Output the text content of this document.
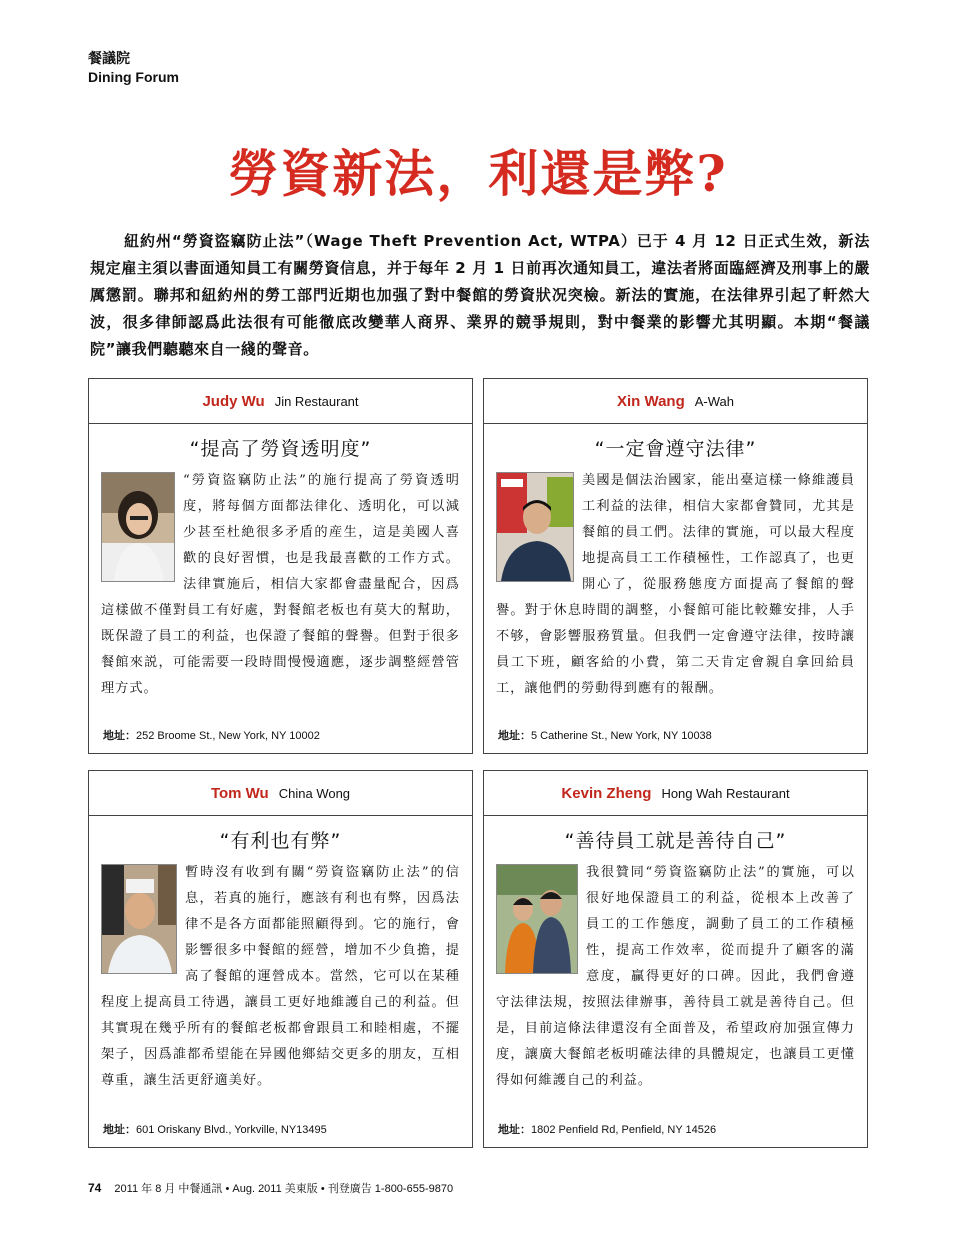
餐議院
Dining Forum
勞資新法，利還是弊?
紐約州“勞資盜竊防止法”（Wage Theft Prevention Act, WTPA）已于 4 月 12 日正式生效，新法規定雇主須以書面通知員工有關勞資信息，并于每年 2 月 1 日前再次通知員工，違法者將面臨經濟及刑事上的嚴厲懲罰。聯邦和紐約州的勞工部門近期也加强了對中餐館的勞資狀况突檢。新法的實施，在法律界引起了軒然大波，很多律師認爲此法很有可能徹底改變華人商界、業界的競爭規則，對中餐業的影響尤其明顯。本期“餐議院”讓我們聽聽來自一綫的聲音。
Judy Wu Jin Restaurant
“提高了勞資透明度”
“勞資盜竊防止法”的施行提高了勞資透明度，將每個方面都法律化、透明化，可以減少甚至杜絶很多矛盾的産生，這是美國人喜歡的良好習慣，也是我最喜歡的工作方式。法律實施后，相信大家都會盡量配合，因爲這樣做不僅對員工有好處，對餐館老板也有莫大的幫助，既保證了員工的利益，也保證了餐館的聲譽。但對于很多餐館來説，可能需要一段時間慢慢適應，逐步調整經營管理方式。
地址：252 Broome St., New York, NY 10002
Xin Wang A-Wah
“一定會遵守法律”
美國是個法治國家，能出臺這樣一條維護員工利益的法律，相信大家都會贊同，尤其是餐館的員工們。法律的實施，可以最大程度地提高員工工作積極性，工作認真了，也更開心了，從服務態度方面提高了餐館的聲譽。對于休息時間的調整，小餐館可能比較難安排，人手不够，會影響服務質量。但我們一定會遵守法律，按時讓員工下班，顧客給的小費，第二天肯定會親自拿回給員工，讓他們的勞動得到應有的報酬。
地址：5 Catherine St., New York, NY 10038
Tom Wu China Wong
“有利也有弊”
暫時沒有收到有關“勞資盜竊防止法”的信息，若真的施行，應該有利也有弊，因爲法律不是各方面都能照顧得到。它的施行，會影響很多中餐館的經營，增加不少負擔，提高了餐館的運營成本。當然，它可以在某種程度上提高員工待遇，讓員工更好地維護自己的利益。但其實現在幾乎所有的餐館老板都會跟員工和睦相處，不擺架子，因爲誰都希望能在异國他鄉結交更多的朋友，互相尊重，讓生活更舒適美好。
地址：601 Oriskany Blvd., Yorkville, NY13495
Kevin Zheng Hong Wah Restaurant
“善待員工就是善待自己”
我很贊同“勞資盜竊防止法”的實施，可以很好地保證員工的利益，從根本上改善了員工的工作態度，調動了員工的工作積極性，提高工作效率，從而提升了顧客的滿意度，贏得更好的口碑。因此，我們會遵守法律法規，按照法律辦事，善待員工就是善待自己。但是，目前這條法律還沒有全面普及，希望政府加强宣傳力度，讓廣大餐館老板明確法律的具體規定，也讓員工更懂得如何維護自己的利益。
地址：1802 Penfield Rd, Penfield, NY 14526
74 2011 年 8 月 中餐通訊 • Aug. 2011 美東版 • 刊登廣告 1-800-655-9870
